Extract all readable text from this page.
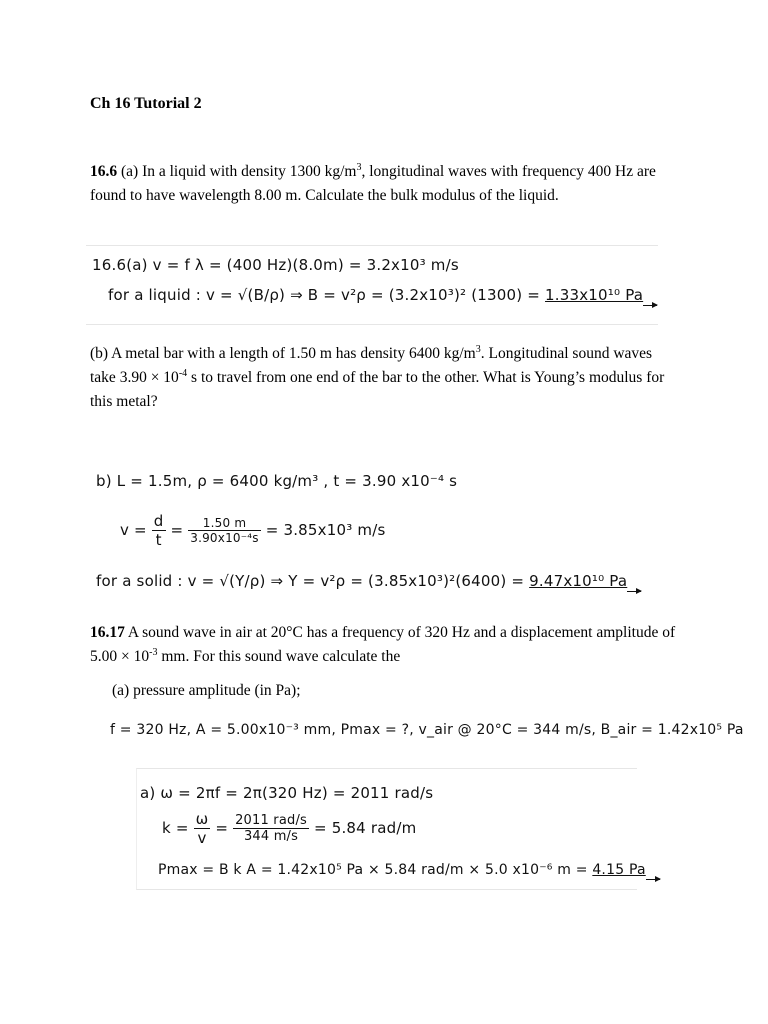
Ch 16 Tutorial 2
16.6 (a) In a liquid with density 1300 $kg/m^3$, longitudinal waves with frequency 400 Hz are found to have wavelength 8.00 m. Calculate the bulk modulus of the liquid.
16.6(a) v = f λ = (400 Hz)(8.0m) = 3.2x10³ m/s
for a liquid : v = √(B/ρ) ⇒ B = v²ρ = (3.2x10³)² (1300) = 1.33x10¹⁰ Pa
(b) A metal bar with a length of 1.50 m has density 6400 $kg/m^3$. Longitudinal sound waves take $3.90 \times 10^{-4}$ s to travel from one end of the bar to the other. What is Young’s modulus for this metal?
b) L = 1.5m, ρ = 6400 kg/m³ , t = 3.90 x10⁻⁴ s
$v = \frac{d}{t} = \frac{1.50 m}{\text{3.90x10⁻⁴s}} = 3.85x10^3$ m/s
for a solid : v = √(Y/ρ) ⇒ Y = v²ρ = (3.85x10³)²(6400) = 9.47x10¹⁰ Pa
16.17 A sound wave in air at 20°C has a frequency of 320 Hz and a displacement amplitude of $5.00 \times 10^{-3}$ mm. For this sound wave calculate the
(a) pressure amplitude (in Pa);
f = 320 Hz, A = 5.00x10⁻³ mm, Pmax = ?, v_air @ 20°C = 344 m/s, B_air = 1.42x10⁵ Pa
a) ω = 2πf = 2π(320 Hz) = 2011 rad/s
$k = \frac{\omega}{v} = \frac{\text{2011 rad/s}}{344 m/s} = 5.84$ rad/m
Pmax = B k A = 1.42x10⁵ Pa × 5.84 rad/m × 5.0 x10⁻⁶ m = 4.15 Pa
